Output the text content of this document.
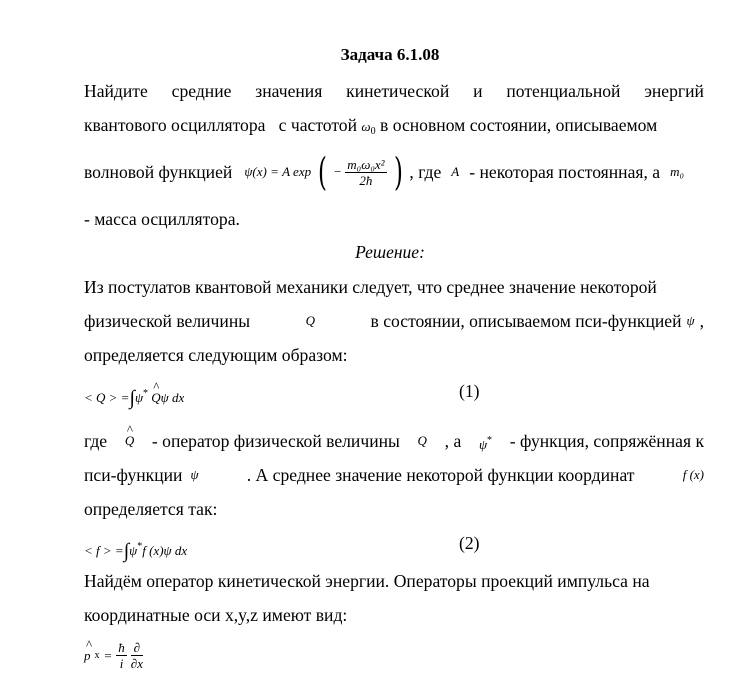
Задача 6.1.08
Найдите средние значения кинетической и потенциальной энергий
квантового осциллятора   с частотой $\omega_0$ в основном состоянии, описываемом
волновой функцией ψ(x) = A exp ( − $\frac{\text{m₀ω₀x²}}{2ħ}$ ) , где A - некоторая постоянная, а m₀
- масса осциллятора.
Решение:
Из постулатов квантовой механики следует, что среднее значение некоторой
физической величины	Q	в состоянии, описываемом пси-функцией ψ ,
определяется следующим образом:
< Q > =∫ψ* ^
Qψ dx	(1)
где
^
Q - оператор физической величины Q , а ψ* - функция, сопряжённая к
пси-функции ψ	. А среднее значение некоторой функции координат	f (x)
определяется так:
< f > =∫ψ*f (x)ψ dx	(2)
Найдём оператор кинетической энергии. Операторы проекций импульса на
координатные оси x,y,z имеют вид:
^
p $x = \frac{ħ}{i} \frac{\partial}{\partial x}$
